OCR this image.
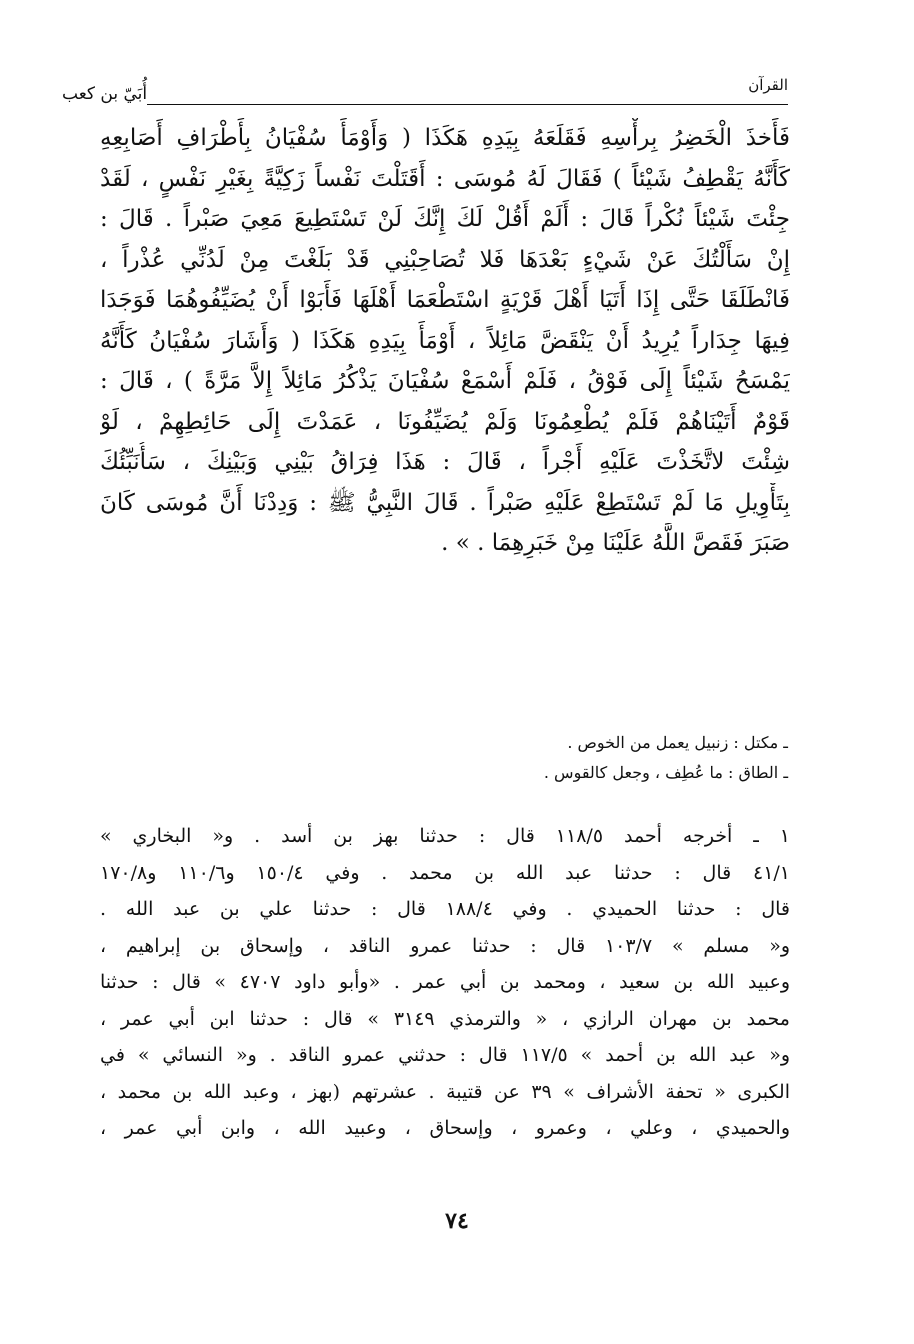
القرآن
أُبَيّ بن كعب
فَأَخذَ الْخَضِرُ بِرأْسِهِ فَقَلَعَهُ بِيَدِهِ هَكَذَا ( وَأَوْمَأَ سُفْيَانُ بِأَطْرَافِ أَصَابِعِهِ
كَأَنَّهُ يَقْطِفُ شَيْئاً ) فَقَالَ لَهُ مُوسَى : أَقَتَلْتَ نَفْساً زَكِيَّةً بِغَيْرِ نَفْسٍ ، لَقَدْ
جِئْتَ شَيْئاً نُكْراً قَالَ : أَلَمْ أَقُلْ لَكَ إِنَّكَ لَنْ تَسْتَطِيعَ مَعِيَ صَبْراً . قَالَ :
إِنْ سَأَلْتُكَ عَنْ شَيْءٍ بَعْدَهَا فَلا تُصَاحِبْنِي قَدْ بَلَغْتَ مِنْ لَدُنِّي عُذْراً ،
فَانْطَلَقَا حَتَّى إِذَا أَتَيَا أَهْلَ قَرْيَةٍ اسْتَطْعَمَا أَهْلَهَا فَأَبَوْا أَنْ يُضَيِّفُوهُمَا فَوَجَدَا
فِيهَا جِدَاراً يُرِيدُ أَنْ يَنْقَضَّ مَائِلاً ، أَوْمَأَ بِيَدِهِ هَكَذَا ( وَأَشَارَ سُفْيَانُ كَأَنَّهُ
يَمْسَحُ شَيْئاً إِلَى فَوْقُ ، فَلَمْ أَسْمَعْ سُفْيَانَ يَذْكُرُ مَائِلاً إِلاَّ مَرَّةً ) ، قَالَ :
قَوْمٌ أَتَيْنَاهُمْ فَلَمْ يُطْعِمُونَا وَلَمْ يُضَيِّفُونَا ، عَمَدْتَ إِلَى حَائِطِهِمْ ، لَوْ
شِئْتَ لاتَّخَذْتَ عَلَيْهِ أَجْراً ، قَالَ : هَذَا فِرَاقُ بَيْنِي وَبَيْنِكَ ، سَأُنَبِّئُكَ
بِتَأْوِيلِ مَا لَمْ تَسْتَطِعْ عَلَيْهِ صَبْراً . قَالَ النَّبِيُّ ﷺ : وَدِدْنَا أَنَّ مُوسَى كَانَ
صَبَرَ فَقَصَّ اللَّهُ عَلَيْنَا مِنْ خَبَرِهِمَا . » .
ـ مكتل : زنبيل يعمل من الخوص .
ـ الطاق : ما عُطِف ، وجعل كالقوس .
١ ـ أخرجه أحمد ١١٨/٥ قال : حدثنا بهز بن أسد . و« البخاري »
٤١/١ قال : حدثنا عبد الله بن محمد . وفي ١٥٠/٤ و١١٠/٦ و١٧٠/٨
قال : حدثنا الحميدي . وفي ١٨٨/٤ قال : حدثنا علي بن عبد الله .
و« مسلم » ١٠٣/٧ قال : حدثنا عمرو الناقد ، وإسحاق بن إبراهيم ،
وعبيد الله بن سعيد ، ومحمد بن أبي عمر . «وأبو داود ٤٧٠٧ » قال : حدثنا
محمد بن مهران الرازي ، « والترمذي ٣١٤٩ » قال : حدثنا ابن أبي عمر ،
و« عبد الله بن أحمد » ١١٧/٥ قال : حدثني عمرو الناقد . و« النسائي » في
الكبرى « تحفة الأشراف » ٣٩ عن قتيبة . عشرتهم (بهز ، وعبد الله بن محمد ،
والحميدي ، وعلي ، وعمرو ، وإسحاق ، وعبيد الله ، وابن أبي عمر ،
٧٤
